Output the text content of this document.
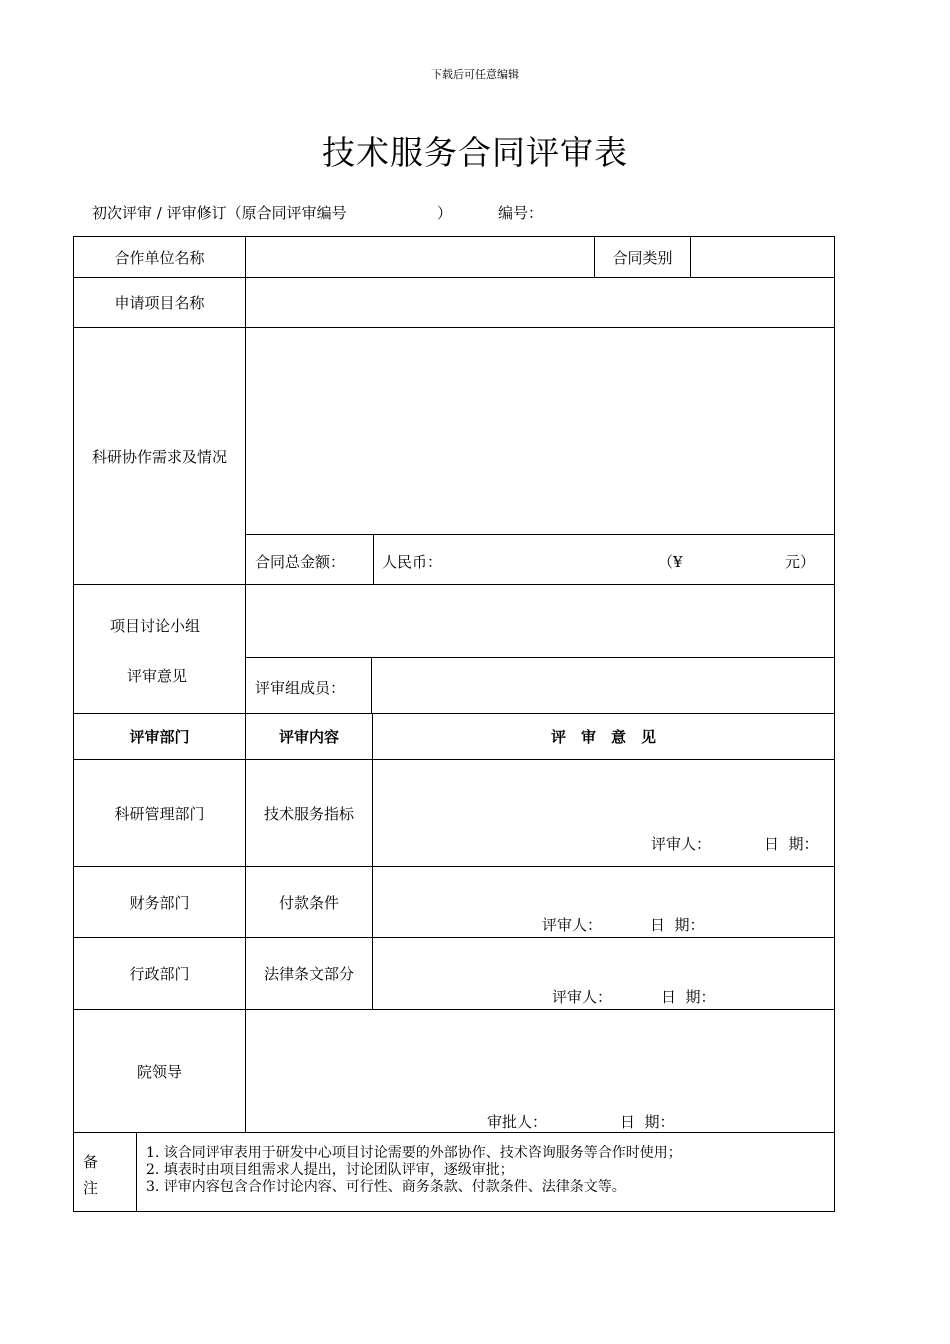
下载后可任意编辑
技术服务合同评审表
初次评审 / 评审修订（原合同评审编号	）	编号：
合作单位名称	合同类别
申请项目名称
科研协作需求及情况
合同总金额： 人民币：	（¥	元）
项目讨论小组
评审意见
评审组成员：
评审部门	评审内容	评　审　意　见
科研管理部门	技术服务指标
评审人：	日  期：
财务部门	付款条件
评审人：	日  期：
行政部门	法律条文部分
评审人：	日  期：
院领导
审批人：	日  期：
备
注
1. 该合同评审表用于研发中心项目讨论需要的外部协作、技术咨询服务等合作时使用；
2. 填表时由项目组需求人提出，讨论团队评审，逐级审批；
3. 评审内容包含合作讨论内容、可行性、商务条款、付款条件、法律条文等。
